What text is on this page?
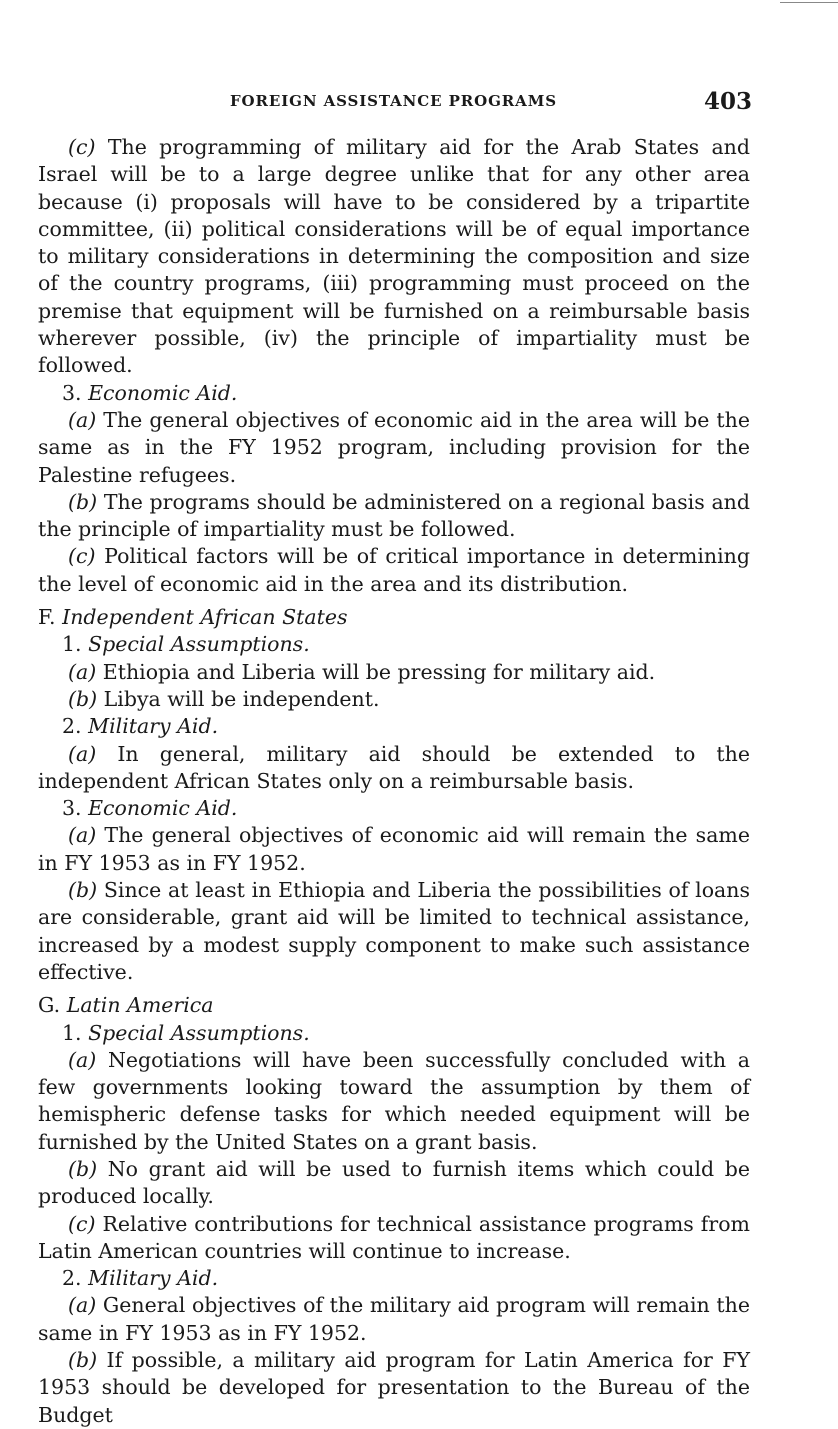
FOREIGN ASSISTANCE PROGRAMS	403

(c) The programming of military aid for the Arab States and Israel will be to a large degree unlike that for any other area because (i) proposals will have to be considered by a tripartite committee, (ii) political considerations will be of equal importance to military considerations in determining the composition and size of the country programs, (iii) programming must proceed on the premise that equipment will be furnished on a reimbursable basis wherever possible, (iv) the principle of impartiality must be followed.

3. Economic Aid.

(a) The general objectives of economic aid in the area will be the same as in the FY 1952 program, including provision for the Palestine refugees.

(b) The programs should be administered on a regional basis and the principle of impartiality must be followed.

(c) Political factors will be of critical importance in determining the level of economic aid in the area and its distribution.

F. Independent African States

1. Special Assumptions.

(a) Ethiopia and Liberia will be pressing for military aid.

(b) Libya will be independent.

2. Military Aid.

(a) In general, military aid should be extended to the independent African States only on a reimbursable basis.

3. Economic Aid.

(a) The general objectives of economic aid will remain the same in FY 1953 as in FY 1952.

(b) Since at least in Ethiopia and Liberia the possibilities of loans are considerable, grant aid will be limited to technical assistance, increased by a modest supply component to make such assistance effective.

G. Latin America

1. Special Assumptions.

(a) Negotiations will have been successfully concluded with a few governments looking toward the assumption by them of hemispheric defense tasks for which needed equipment will be furnished by the United States on a grant basis.

(b) No grant aid will be used to furnish items which could be produced locally.

(c) Relative contributions for technical assistance programs from Latin American countries will continue to increase.

2. Military Aid.

(a) General objectives of the military aid program will remain the same in FY 1953 as in FY 1952.

(b) If possible, a military aid program for Latin America for FY 1953 should be developed for presentation to the Bureau of the Budget
